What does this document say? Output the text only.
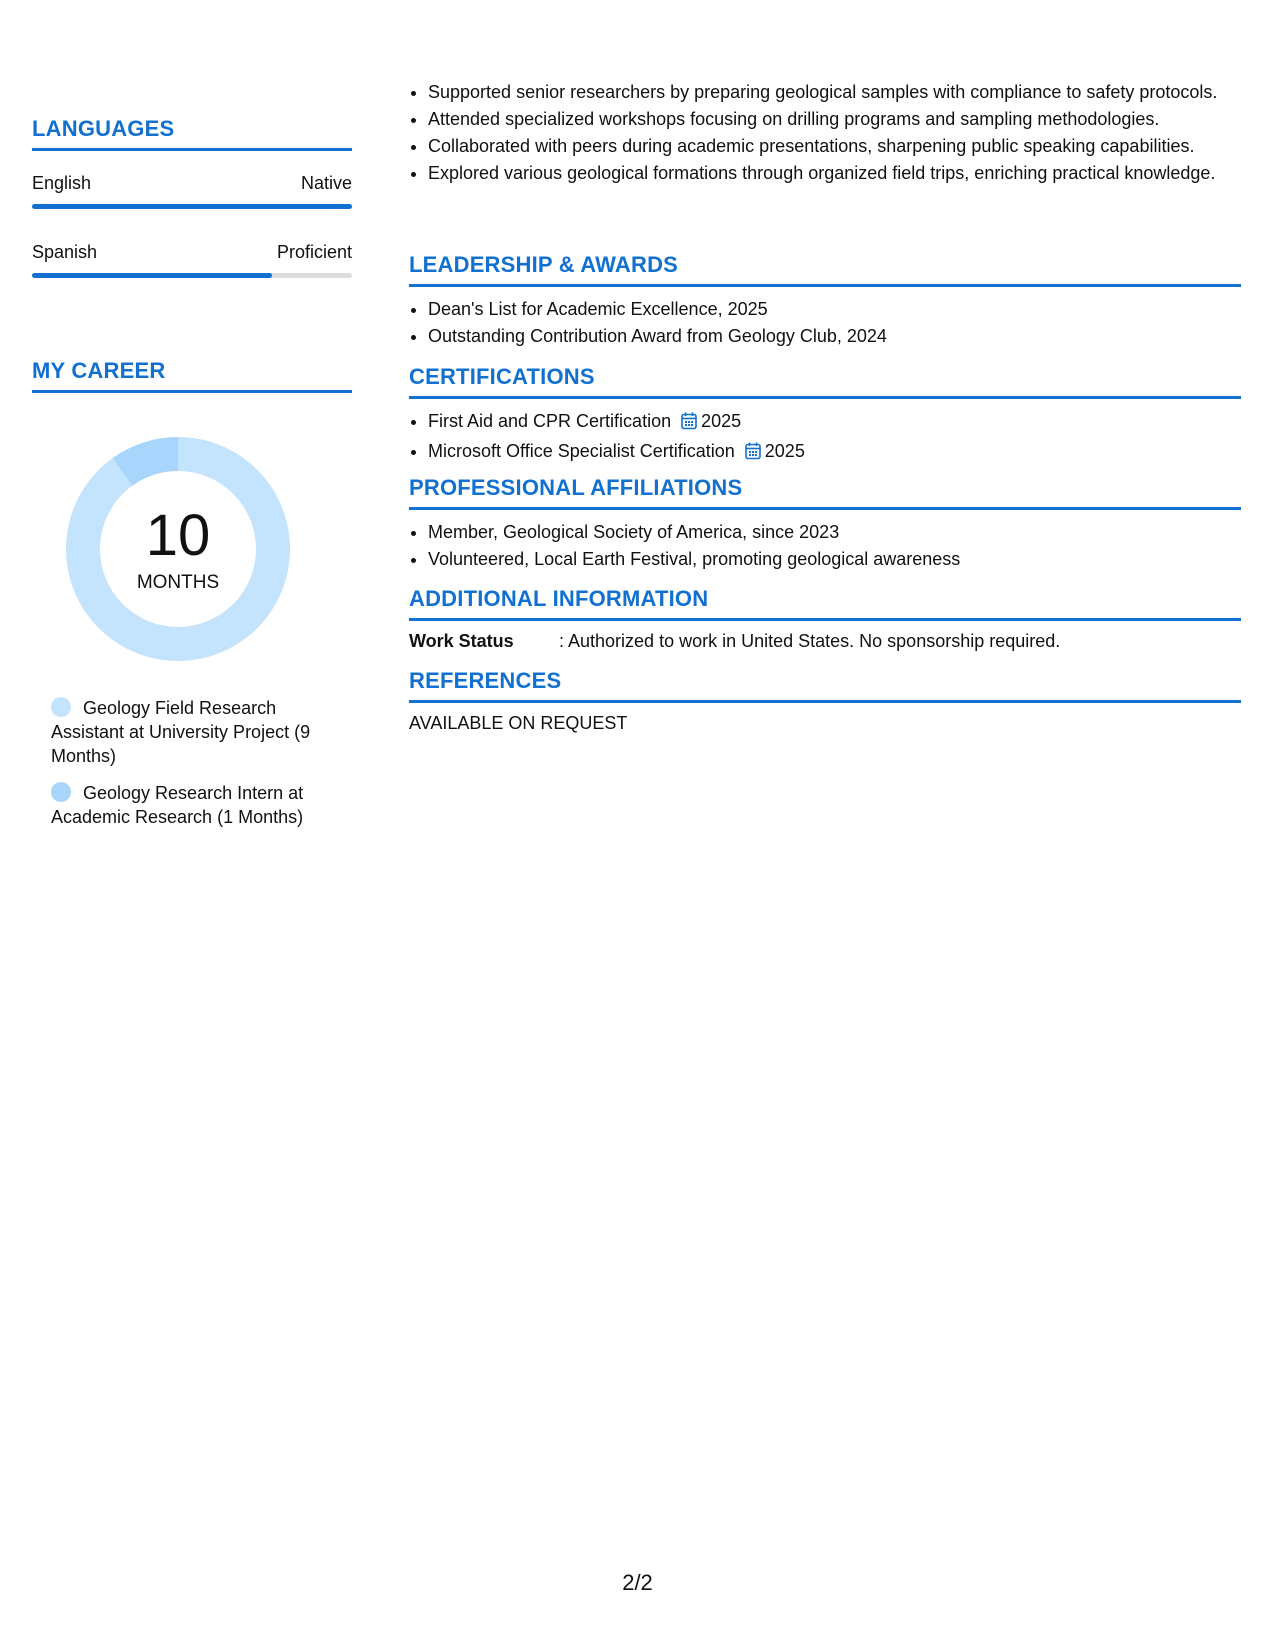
LANGUAGES
English	Native
Spanish	Proficient
MY CAREER
10
MONTHS
Geology Field Research Assistant at University Project (9 Months)
Geology Research Intern at Academic Research (1 Months)
• Supported senior researchers by preparing geological samples with compliance to safety protocols.
• Attended specialized workshops focusing on drilling programs and sampling methodologies.
• Collaborated with peers during academic presentations, sharpening public speaking capabilities.
• Explored various geological formations through organized field trips, enriching practical knowledge.
LEADERSHIP & AWARDS
• Dean's List for Academic Excellence, 2025
• Outstanding Contribution Award from Geology Club, 2024
CERTIFICATIONS
• First Aid and CPR Certification 2025
• Microsoft Office Specialist Certification 2025
PROFESSIONAL AFFILIATIONS
• Member, Geological Society of America, since 2023
• Volunteered, Local Earth Festival, promoting geological awareness
ADDITIONAL INFORMATION
Work Status	: Authorized to work in United States. No sponsorship required.
REFERENCES
AVAILABLE ON REQUEST
2/2
